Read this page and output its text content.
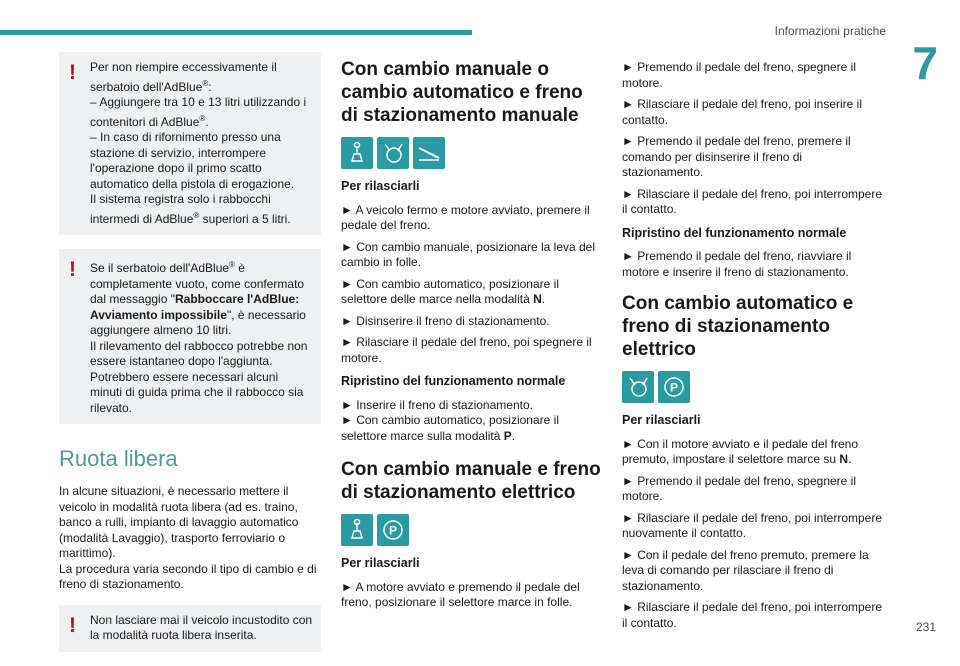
Informazioni pratiche
7
! Per non riempire eccessivamente il serbatoio dell'AdBlue®:

– Aggiungere tra 10 e 13 litri utilizzando i contenitori di AdBlue®.

– In caso di rifornimento presso una stazione di servizio, interrompere l'operazione dopo il primo scatto automatico della pistola di erogazione.

Il sistema registra solo i rabbocchi intermedi di AdBlue® superiori a 5 litri.

! Se il serbatoio dell'AdBlue® è completamente vuoto, come confermato dal messaggio "Rabboccare l'AdBlue: Avviamento impossibile", è necessario aggiungere almeno 10 litri.

Il rilevamento del rabbocco potrebbe non essere istantaneo dopo l'aggiunta. Potrebbero essere necessari alcuni minuti di guida prima che il rabbocco sia rilevato.

Ruota libera

In alcune situazioni, è necessario mettere il veicolo in modalità ruota libera (ad es. traino, banco a rulli, impianto di lavaggio automatico (modalità Lavaggio), trasporto ferroviario o marittimo).

La procedura varia secondo il tipo di cambio e di freno di stazionamento.

! Non lasciare mai il veicolo incustodito con la modalità ruota libera inserita.

Con cambio manuale o cambio automatico e freno di stazionamento manuale
Per rilasciarli

► A veicolo fermo e motore avviato, premere il pedale del freno.

► Con cambio manuale, posizionare la leva del cambio in folle.

► Con cambio automatico, posizionare il selettore delle marce nella modalità N.

► Disinserire il freno di stazionamento.

► Rilasciare il pedale del freno, poi spegnere il motore.

Ripristino del funzionamento normale

► Inserire il freno di stazionamento.

► Con cambio automatico, posizionare il selettore marce sulla modalità P.

Con cambio manuale e freno di stazionamento elettrico
P
Per rilasciarli

► A motore avviato e premendo il pedale del freno, posizionare il selettore marce in folle.

► Premendo il pedale del freno, spegnere il motore.

► Rilasciare il pedale del freno, poi inserire il contatto.

► Premendo il pedale del freno, premere il comando per disinserire il freno di stazionamento.

► Rilasciare il pedale del freno, poi interrompere il contatto.

Ripristino del funzionamento normale

► Premendo il pedale del freno, riavviare il motore e inserire il freno di stazionamento.

Con cambio automatico e freno di stazionamento elettrico
P
Per rilasciarli

► Con il motore avviato e il pedale del freno premuto, impostare il selettore marce su N.

► Premendo il pedale del freno, spegnere il motore.

► Rilasciare il pedale del freno, poi interrompere nuovamente il contatto.

► Con il pedale del freno premuto, premere la leva di comando per rilasciare il freno di stazionamento.

► Rilasciare il pedale del freno, poi interrompere il contatto.	231
